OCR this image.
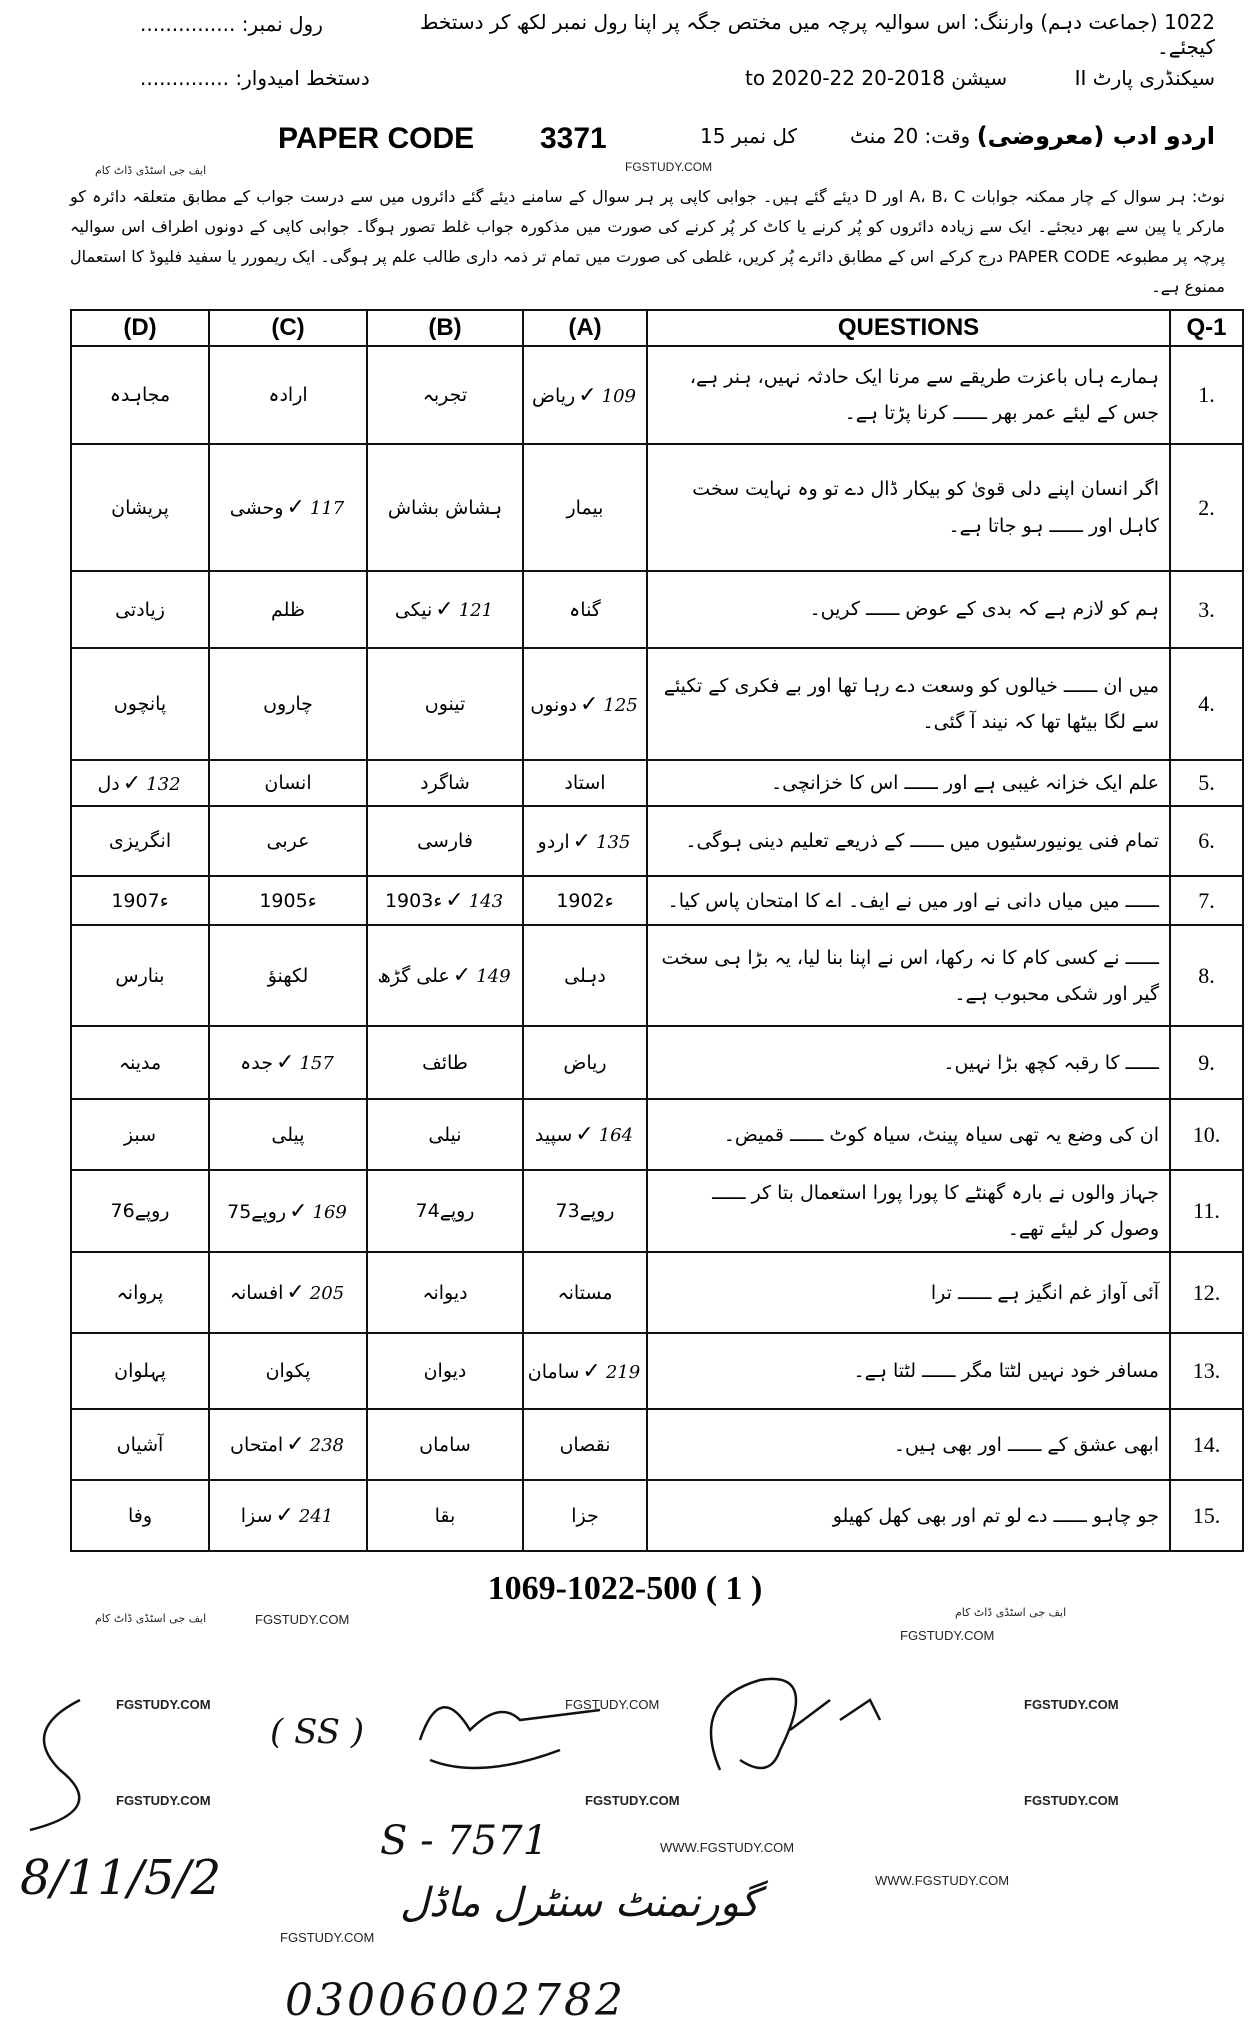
1022 (جماعت دہم) وارننگ: اس سوالیہ پرچہ میں مختص جگہ پر اپنا رول نمبر لکھ کر دستخط کیجئے۔
رول نمبر: ...............
سیکنڈری پارٹ II
سیشن 2018-20 to 2020-22
دستخط امیدوار: ..............
اردو ادب (معروضی)
وقت: 20 منٹ
کل نمبر 15
PAPER CODE 3371
FGSTUDY.COM
ایف جی اسٹڈی ڈاٹ کام
نوٹ: ہر سوال کے چار ممکنہ جوابات A، B، C اور D دیئے گئے ہیں۔ جوابی کاپی پر ہر سوال کے سامنے دیئے گئے دائروں میں سے درست جواب کے مطابق متعلقہ دائرہ کو مارکر یا پین سے بھر دیجئے۔ ایک سے زیادہ دائروں کو پُر کرنے یا کاٹ کر پُر کرنے کی صورت میں مذکورہ جواب غلط تصور ہوگا۔ جوابی کاپی کے دونوں اطراف اس سوالیہ پرچہ پر مطبوعہ PAPER CODE درج کرکے اس کے مطابق دائرے پُر کریں، غلطی کی صورت میں تمام تر ذمہ داری طالب علم پر ہوگی۔ ایک ریمورر یا سفید فلیوڈ کا استعمال ممنوع ہے۔
(D)	(C)	(B)	(A)	QUESTIONS	Q-1
مجاہدہ	ارادہ	تجربہ	ریاض ✓ 109	ہمارے ہاں باعزت طریقے سے مرنا ایک حادثہ نہیں، ہنر ہے، جس کے لیئے عمر بھر ــــــ کرنا پڑتا ہے۔	1.
پریشان	وحشی ✓ 117	ہشاش بشاش	بیمار	اگر انسان اپنے دلی قویٰ کو بیکار ڈال دے تو وہ نہایت سخت کاہل اور ــــــ ہو جاتا ہے۔	2.
زیادتی	ظلم	نیکی ✓ 121	گناہ	ہم کو لازم ہے کہ بدی کے عوض ــــــ کریں۔	3.
پانچوں	چاروں	تینوں	دونوں ✓ 125	میں ان ــــــ خیالوں کو وسعت دے رہا تھا اور بے فکری کے تکیئے سے لگا بیٹھا تھا کہ نیند آ گئی۔	4.
دل ✓ 132	انسان	شاگرد	استاد	علم ایک خزانہ غیبی ہے اور ــــــ اس کا خزانچی۔	5.
انگریزی	عربی	فارسی	اردو ✓ 135	تمام فنی یونیورسٹیوں میں ــــــ کے ذریعے تعلیم دینی ہوگی۔	6.
1907ء	1905ء	1903ء ✓ 143	1902ء	ــــــ میں میاں دانی نے اور میں نے ایف۔ اے کا امتحان پاس کیا۔	7.
بنارس	لکھنؤ	علی گڑھ ✓ 149	دہلی	ــــــ نے کسی کام کا نہ رکھا، اس نے اپنا بنا لیا، یہ بڑا ہی سخت گیر اور شکی محبوب ہے۔	8.
مدینہ	جدہ ✓ 157	طائف	ریاض	ــــــ کا رقبہ کچھ بڑا نہیں۔	9.
سبز	پیلی	نیلی	سپید ✓ 164	ان کی وضع یہ تھی سیاہ پینٹ، سیاہ کوٹ ــــــ قمیض۔	10.
76روپے	75روپے ✓ 169	74روپے	73روپے	جہاز والوں نے بارہ گھنٹے کا پورا پورا استعمال بتا کر ــــــ وصول کر لیئے تھے۔	11.
پروانہ	افسانہ ✓ 205	دیوانہ	مستانہ	آئی آواز غم انگیز ہے ــــــ ترا	12.
پہلوان	پکوان	دیوان	سامان ✓ 219	مسافر خود نہیں لٹتا مگر ــــــ لٹتا ہے۔	13.
آشیاں	امتحاں ✓ 238	ساماں	نقصاں	ابھی عشق کے ــــــ اور بھی ہیں۔	14.
وفا	سزا ✓ 241	بقا	جزا	جو چاہو ــــــ دے لو تم اور بھی کھل کھیلو	15.
1069-1022-500 ( 1 )
ایف جی اسٹڈی ڈاٹ کام	FGSTUDY.COM	ایف جی اسٹڈی ڈاٹ کام
FGSTUDY.COM
FGSTUDY.COM	FGSTUDY.COM	FGSTUDY.COM
FGSTUDY.COM	FGSTUDY.COM	FGSTUDY.COM
WWW.FGSTUDY.COM
FGSTUDY.COM
WWW.FGSTUDY.COM
( SS )
S - 7571
گورنمنٹ سنٹرل ماڈل
8/11/5/2
03006002782
